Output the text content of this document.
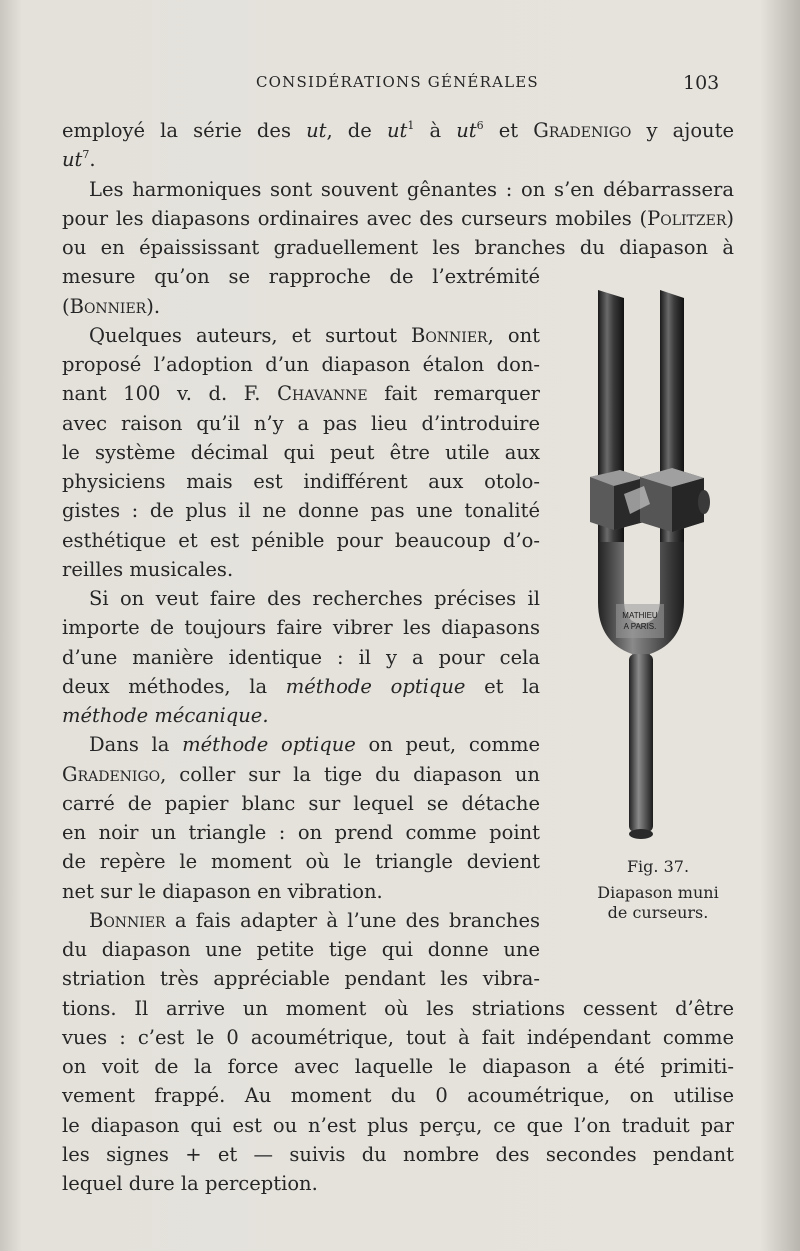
CONSIDÉRATIONS GÉNÉRALES	103
employé la série des ut, de $ut^1$ à $ut^6$ et Gradenigo y ajoute
$ut^7$.
Les harmoniques sont souvent gênantes : on s’en débarrassera
pour les diapasons ordinaires avec des curseurs mobiles (Politzer)
ou en épaississant graduellement les branches du diapason à
mesure qu’on se rapproche de l’extrémité
(Bonnier).
Quelques auteurs, et surtout Bonnier, ont
proposé l’adoption d’un diapason étalon don-
nant 100 v. d. F. Chavanne fait remarquer
avec raison qu’il n’y a pas lieu d’introduire
le système décimal qui peut être utile aux
physiciens mais est indifférent aux otolo-
gistes : de plus il ne donne pas une tonalité
esthétique et est pénible pour beaucoup d’o-
reilles musicales.
Si on veut faire des recherches précises il
importe de toujours faire vibrer les diapasons
d’une manière identique : il y a pour cela
deux méthodes, la méthode optique et la
méthode mécanique.
Dans la méthode optique on peut, comme
Gradenigo, coller sur la tige du diapason un
carré de papier blanc sur lequel se détache
en noir un triangle : on prend comme point
de repère le moment où le triangle devient
net sur le diapason en vibration.
Bonnier a fais adapter à l’une des branches
du diapason une petite tige qui donne une
striation très appréciable pendant les vibra-
tions. Il arrive un moment où les striations cessent d’être
vues : c’est le 0 acoumétrique, tout à fait indépendant comme
on voit de la force avec laquelle le diapason a été primiti-
vement frappé. Au moment du 0 acoumétrique, on utilise
le diapason qui est ou n’est plus perçu, ce que l’on traduit par
les signes + et — suivis du nombre des secondes pendant
lequel dure la perception.
MATHIEU
A PARIS.
Fig. 37.
Diapason muni
de curseurs.
